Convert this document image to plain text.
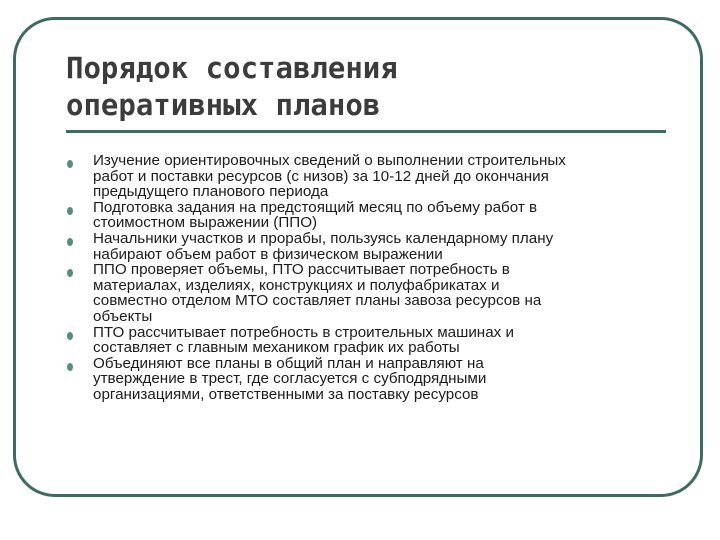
Порядок составления
оперативных планов
Изучение ориентировочных сведений о выполнении строительных
работ и поставки ресурсов (с низов) за 10-12 дней до окончания
предыдущего планового периода
Подготовка задания на предстоящий месяц по объему работ в
стоимостном выражении (ППО)
Начальники участков и прорабы, пользуясь календарному плану
набирают объем работ в физическом выражении
ППО проверяет объемы, ПТО рассчитывает потребность в
материалах, изделиях, конструкциях и полуфабрикатах и
совместно отделом МТО составляет планы завоза ресурсов на
объекты
ПТО рассчитывает потребность в строительных машинах и
составляет с главным механиком график их работы
Объединяют все планы в общий план и направляют на
утверждение в трест, где согласуется с субподрядными
организациями, ответственными за поставку ресурсов
